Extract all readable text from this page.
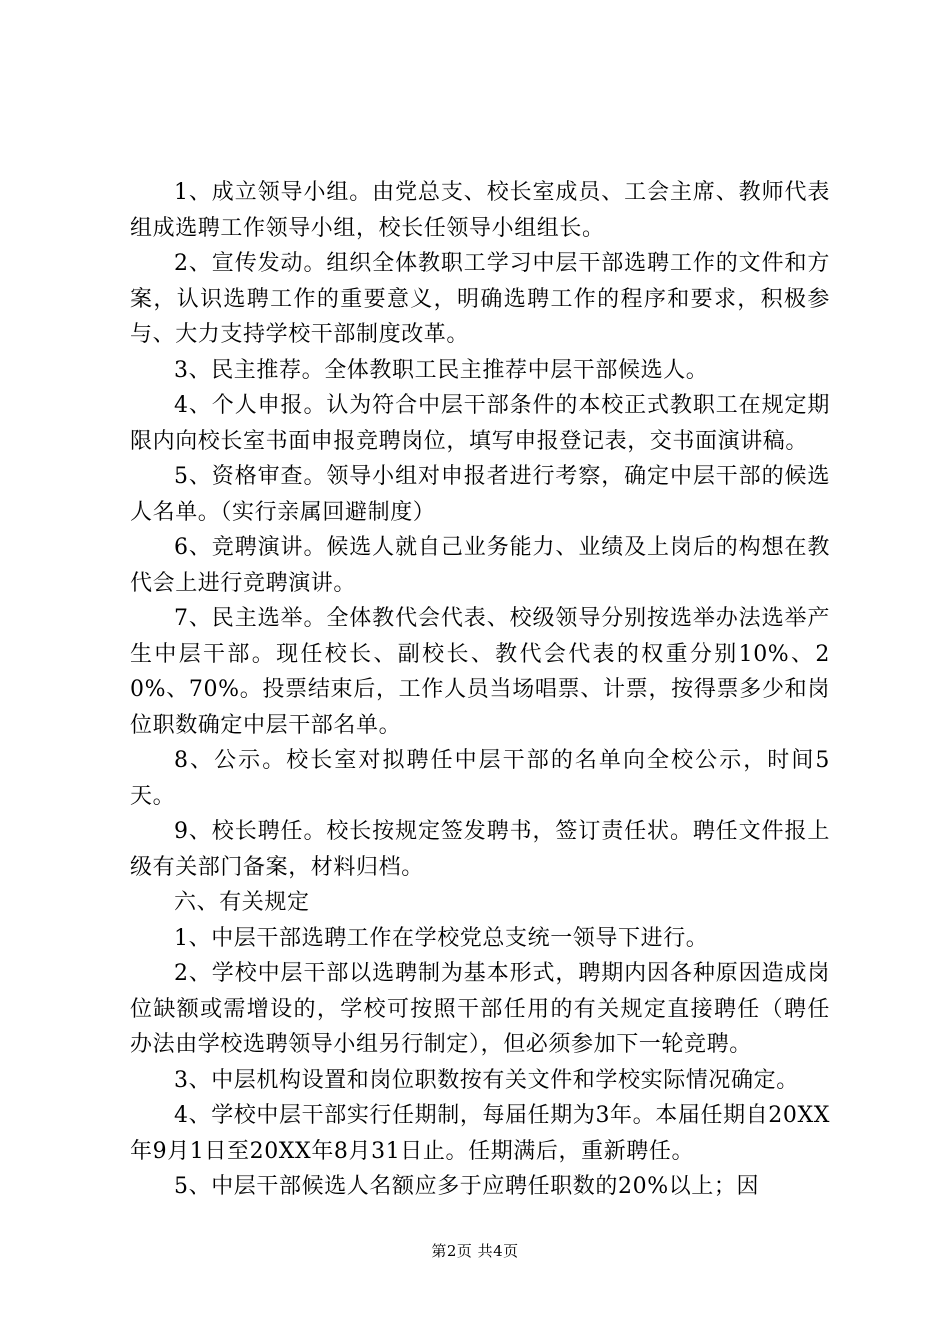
1、成立领导小组。由党总支、校长室成员、工会主席、教师代表组成选聘工作领导小组，校长任领导小组组长。

2、宣传发动。组织全体教职工学习中层干部选聘工作的文件和方案，认识选聘工作的重要意义，明确选聘工作的程序和要求，积极参与、大力支持学校干部制度改革。

3、民主推荐。全体教职工民主推荐中层干部候选人。

4、个人申报。认为符合中层干部条件的本校正式教职工在规定期限内向校长室书面申报竞聘岗位，填写申报登记表，交书面演讲稿。

5、资格审查。领导小组对申报者进行考察，确定中层干部的候选人名单。（实行亲属回避制度）

6、竞聘演讲。候选人就自己业务能力、业绩及上岗后的构想在教代会上进行竞聘演讲。

7、民主选举。全体教代会代表、校级领导分别按选举办法选举产生中层干部。现任校长、副校长、教代会代表的权重分别10%、20%、70%。投票结束后，工作人员当场唱票、计票，按得票多少和岗位职数确定中层干部名单。

8、公示。校长室对拟聘任中层干部的名单向全校公示，时间5天。

9、校长聘任。校长按规定签发聘书，签订责任状。聘任文件报上级有关部门备案，材料归档。

六、有关规定

1、中层干部选聘工作在学校党总支统一领导下进行。

2、学校中层干部以选聘制为基本形式，聘期内因各种原因造成岗位缺额或需增设的，学校可按照干部任用的有关规定直接聘任（聘任办法由学校选聘领导小组另行制定），但必须参加下一轮竞聘。

3、中层机构设置和岗位职数按有关文件和学校实际情况确定。

4、学校中层干部实行任期制，每届任期为3年。本届任期自20XX年9月1日至20XX年8月31日止。任期满后，重新聘任。

5、中层干部候选人名额应多于应聘任职数的20%以上；因

第2页 共4页
